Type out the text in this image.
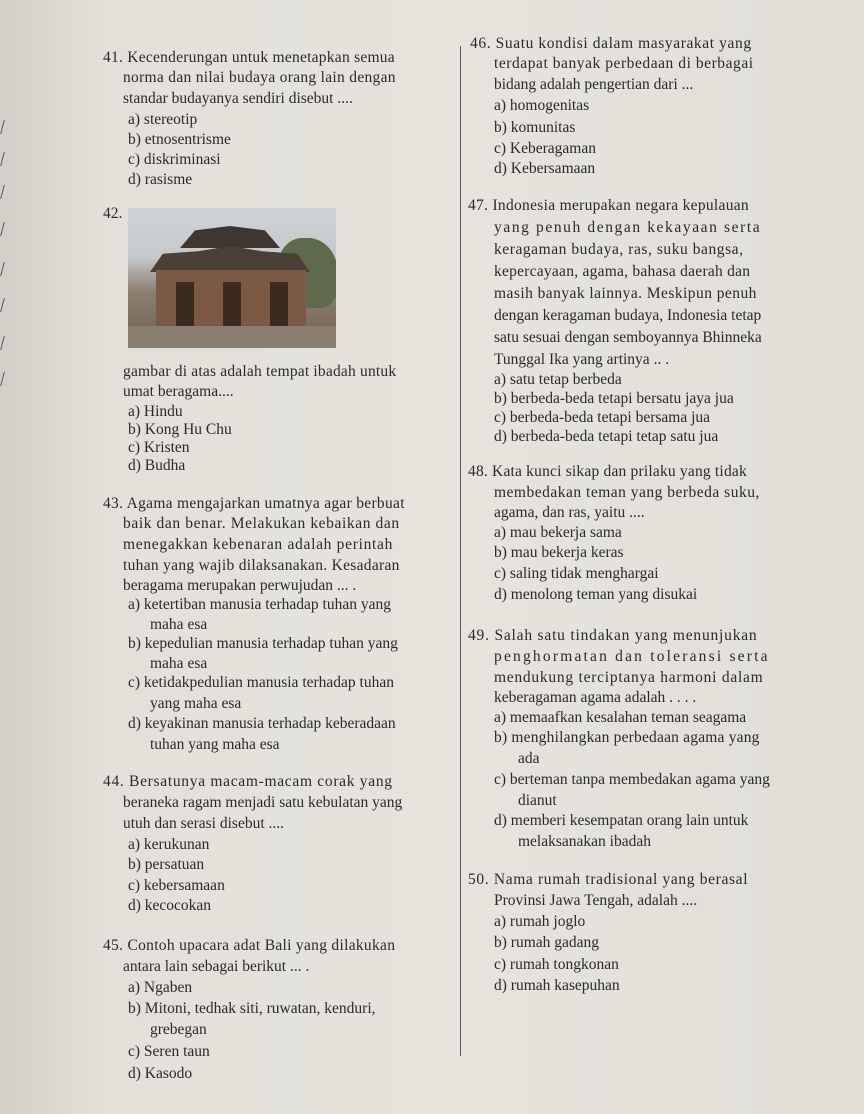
41. Kecenderungan untuk menetapkan semua
norma dan nilai budaya orang lain dengan
standar budayanya sendiri disebut ....
a) stereotip
b) etnosentrisme
c) diskriminasi
d) rasisme
42.
gambar di atas adalah tempat ibadah untuk
umat beragama....
a) Hindu
b) Kong Hu Chu
c) Kristen
d) Budha
43. Agama mengajarkan umatnya agar berbuat
baik dan benar. Melakukan kebaikan dan
menegakkan kebenaran adalah perintah
tuhan yang wajib dilaksanakan. Kesadaran
beragama merupakan perwujudan ... .
a) ketertiban manusia terhadap tuhan yang
maha esa
b) kepedulian manusia terhadap tuhan yang
maha esa
c) ketidakpedulian manusia terhadap tuhan
yang maha esa
d) keyakinan manusia terhadap keberadaan
tuhan yang maha esa
44. Bersatunya macam-macam corak yang
beraneka ragam menjadi satu kebulatan yang
utuh dan serasi disebut ....
a) kerukunan
b) persatuan
c) kebersamaan
d) kecocokan
45. Contoh upacara adat Bali yang dilakukan
antara lain sebagai berikut ... .
a) Ngaben
b) Mitoni, tedhak siti, ruwatan, kenduri,
grebegan
c) Seren taun
d) Kasodo
46. Suatu kondisi dalam masyarakat yang
terdapat banyak perbedaan di berbagai
bidang adalah pengertian dari ...
a) homogenitas
b) komunitas
c) Keberagaman
d) Kebersamaan
47. Indonesia merupakan negara kepulauan
yang penuh dengan kekayaan serta
keragaman budaya, ras, suku bangsa,
kepercayaan, agama, bahasa daerah dan
masih banyak lainnya. Meskipun penuh
dengan keragaman budaya, Indonesia tetap
satu sesuai dengan semboyannya Bhinneka
Tunggal Ika yang artinya .. .
a) satu tetap berbeda
b) berbeda-beda tetapi bersatu jaya jua
c) berbeda-beda tetapi bersama jua
d) berbeda-beda tetapi tetap satu jua
48. Kata kunci sikap dan prilaku yang tidak
membedakan teman yang berbeda suku,
agama, dan ras, yaitu ....
a) mau bekerja sama
b) mau bekerja keras
c) saling tidak menghargai
d) menolong teman yang disukai
49. Salah satu tindakan yang menunjukan
penghormatan dan toleransi serta
mendukung terciptanya harmoni dalam
keberagaman agama adalah . . . .
a) memaafkan kesalahan teman seagama
b) menghilangkan perbedaan agama yang
ada
c) berteman tanpa membedakan agama yang
dianut
d) memberi kesempatan orang lain untuk
melaksanakan ibadah
50. Nama rumah tradisional yang berasal
Provinsi Jawa Tengah, adalah ....
a) rumah joglo
b) rumah gadang
c) rumah tongkonan
d) rumah kasepuhan
